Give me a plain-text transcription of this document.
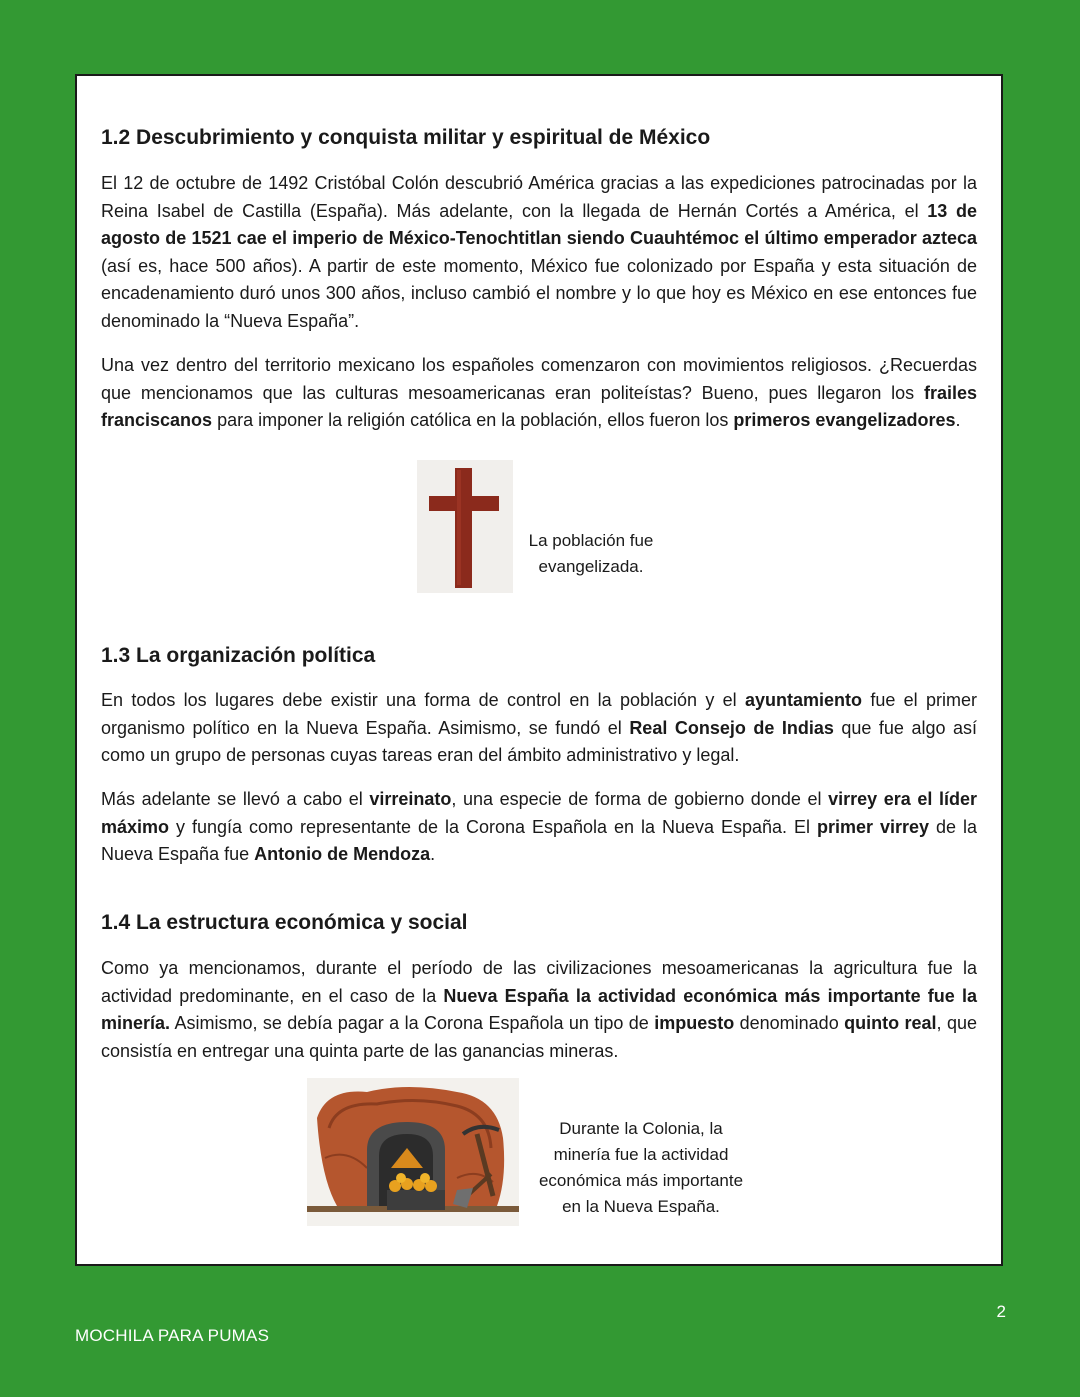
1.2 Descubrimiento y conquista militar y espiritual de México

El 12 de octubre de 1492 Cristóbal Colón descubrió América gracias a las expediciones patrocinadas por la Reina Isabel de Castilla (España). Más adelante, con la llegada de Hernán Cortés a América, el 13 de agosto de 1521 cae el imperio de México-Tenochtitlan siendo Cuauhtémoc el último emperador azteca (así es, hace 500 años). A partir de este momento, México fue colonizado por España y esta situación de encadenamiento duró unos 300 años, incluso cambió el nombre y lo que hoy es México en ese entonces fue denominado la “Nueva España”.

Una vez dentro del territorio mexicano los españoles comenzaron con movimientos religiosos. ¿Recuerdas que mencionamos que las culturas mesoamericanas eran politeístas? Bueno, pues llegaron los frailes franciscanos para imponer la religión católica en la población, ellos fueron los primeros evangelizadores.

La población fue
evangelizada.
1.3 La organización política

En todos los lugares debe existir una forma de control en la población y el ayuntamiento fue el primer organismo político en la Nueva España. Asimismo, se fundó el Real Consejo de Indias que fue algo así como un grupo de personas cuyas tareas eran del ámbito administrativo y legal.

Más adelante se llevó a cabo el virreinato, una especie de forma de gobierno donde el virrey era el líder máximo y fungía como representante de la Corona Española en la Nueva España. El primer virrey de la Nueva España fue Antonio de Mendoza.

1.4 La estructura económica y social

Como ya mencionamos, durante el período de las civilizaciones mesoamericanas la agricultura fue la actividad predominante, en el caso de la Nueva España la actividad económica más importante fue la minería. Asimismo, se debía pagar a la Corona Española un tipo de impuesto denominado quinto real, que consistía en entregar una quinta parte de las ganancias mineras.

Durante la Colonia, la
minería fue la actividad
económica más importante
en la Nueva España.
2
MOCHILA PARA PUMAS
